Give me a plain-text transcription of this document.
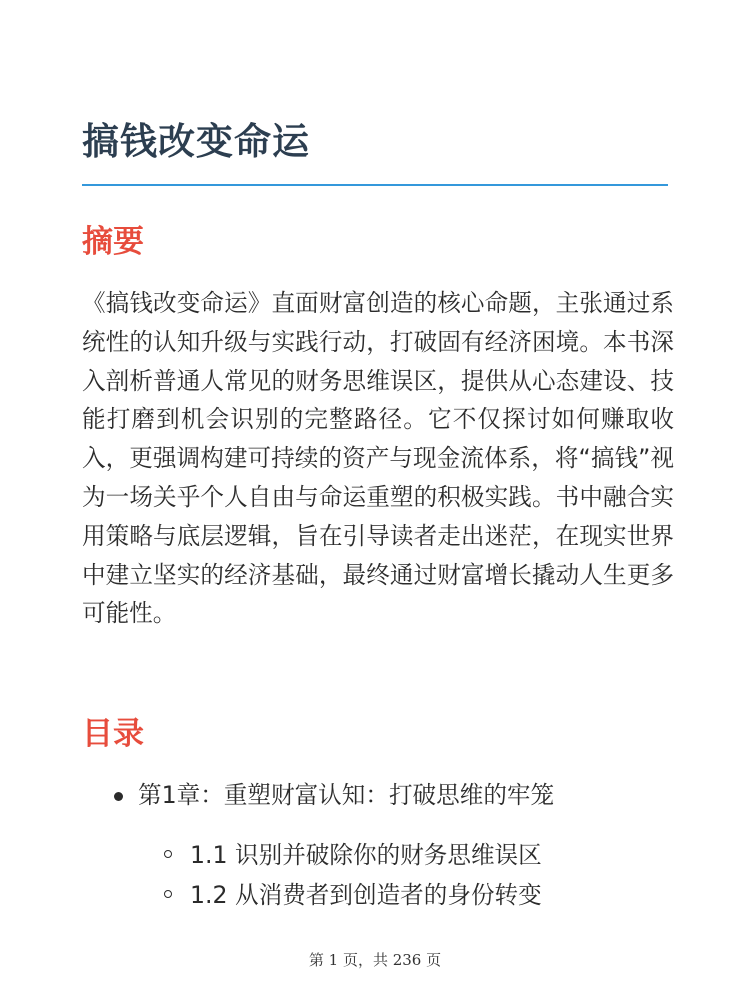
搞钱改变命运
摘要

《搞钱改变命运》直面财富创造的核心命题，主张通过系统性的认知升级与实践行动，打破固有经济困境。本书深入剖析普通人常见的财务思维误区，提供从心态建设、技能打磨到机会识别的完整路径。它不仅探讨如何赚取收入，更强调构建可持续的资产与现金流体系，将“搞钱”视为一场关乎个人自由与命运重塑的积极实践。书中融合实用策略与底层逻辑，旨在引导读者走出迷茫，在现实世界中建立坚实的经济基础，最终通过财富增长撬动人生更多可能性。

目录
第1章：重塑财富认知：打破思维的牢笼
1.1 识别并破除你的财务思维误区
1.2 从消费者到创造者的身份转变
第 1 页，共 236 页
